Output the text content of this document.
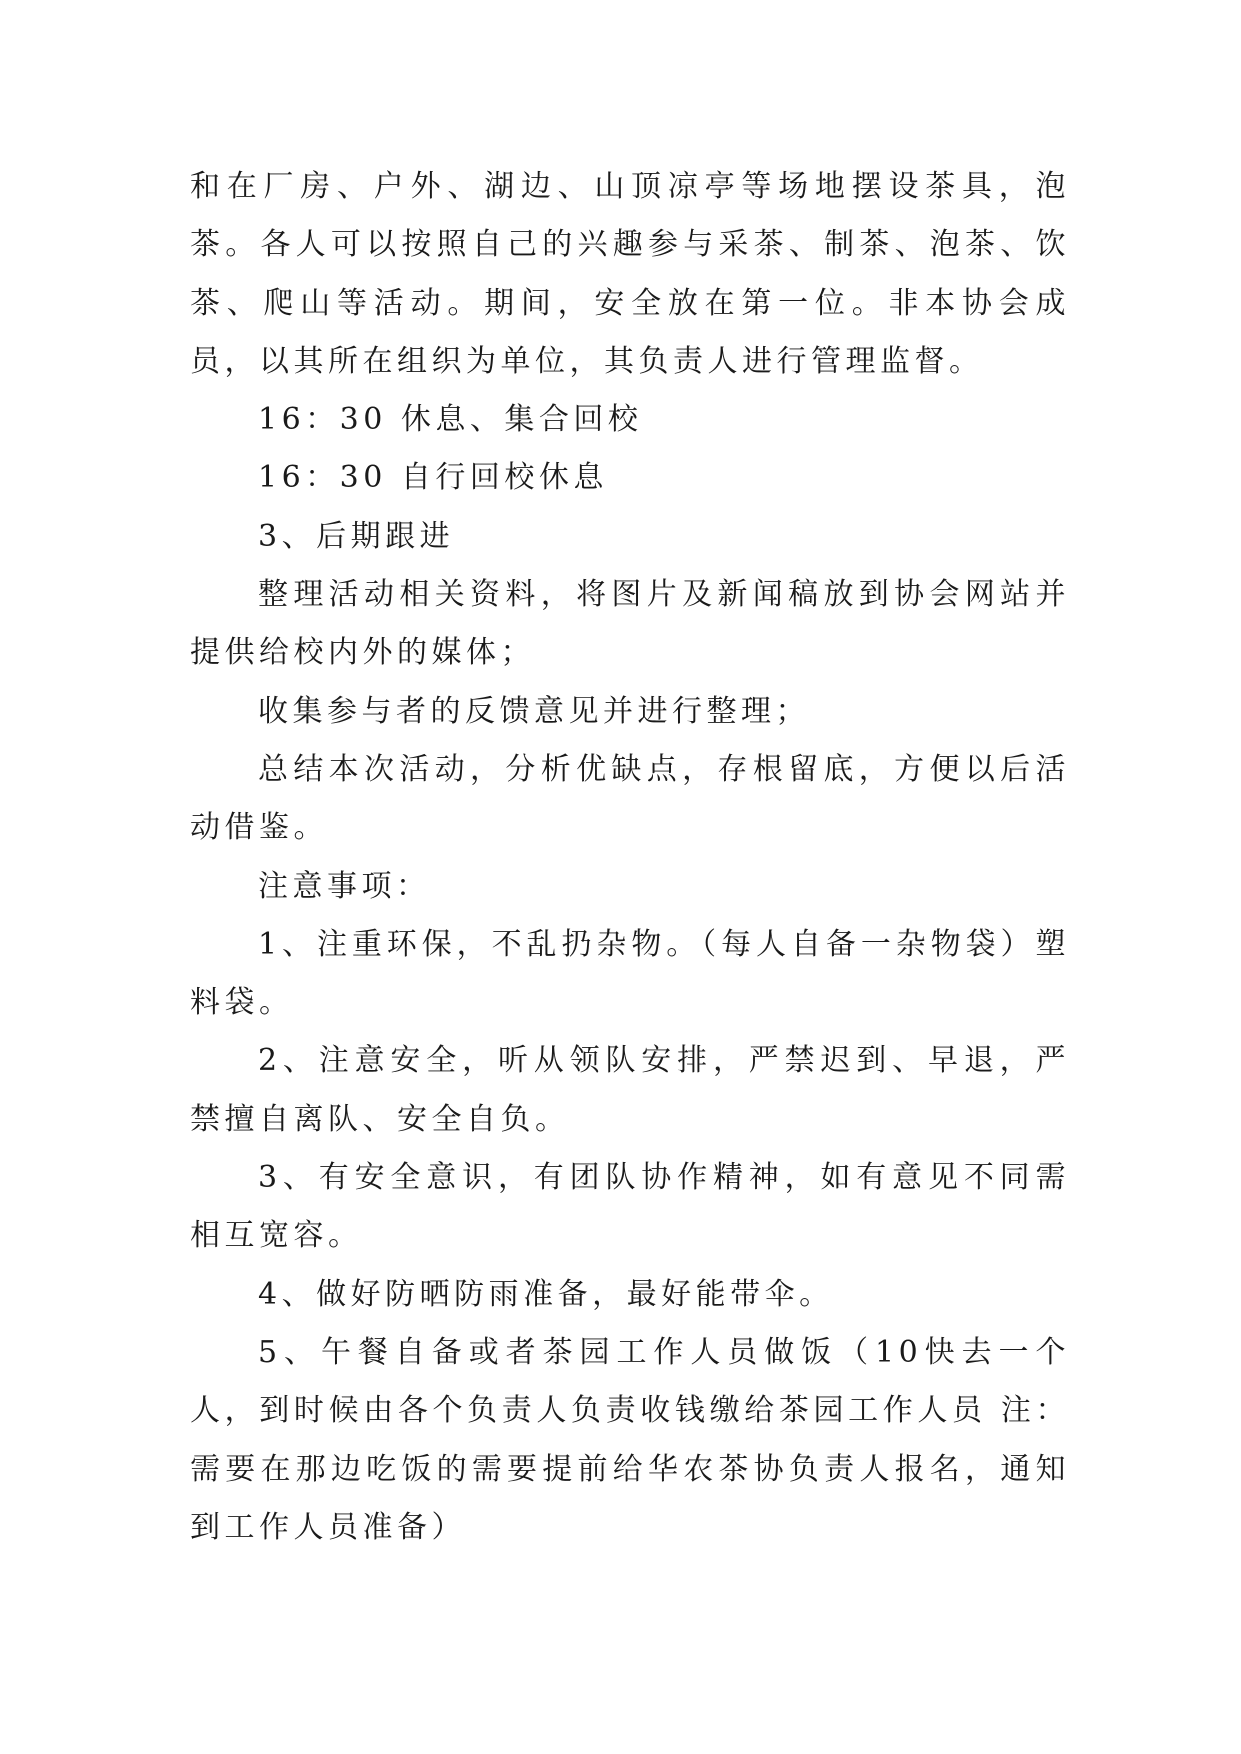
和在厂房、户外、湖边、山顶凉亭等场地摆设茶具，泡茶。各人可以按照自己的兴趣参与采茶、制茶、泡茶、饮茶、爬山等活动。期间，安全放在第一位。非本协会成员，以其所在组织为单位，其负责人进行管理监督。

16：30 休息、集合回校

16：30 自行回校休息

3、后期跟进

整理活动相关资料，将图片及新闻稿放到协会网站并提供给校内外的媒体；

收集参与者的反馈意见并进行整理；

总结本次活动，分析优缺点，存根留底，方便以后活动借鉴。

注意事项：

1、注重环保，不乱扔杂物。（每人自备一杂物袋）塑料袋。

2、注意安全，听从领队安排，严禁迟到、早退，严禁擅自离队、安全自负。

3、有安全意识，有团队协作精神，如有意见不同需相互宽容。

4、做好防晒防雨准备，最好能带伞。

5、午餐自备或者茶园工作人员做饭（10快去一个人，到时候由各个负责人负责收钱缴给茶园工作人员 注：需要在那边吃饭的需要提前给华农茶协负责人报名，通知到工作人员准备）
